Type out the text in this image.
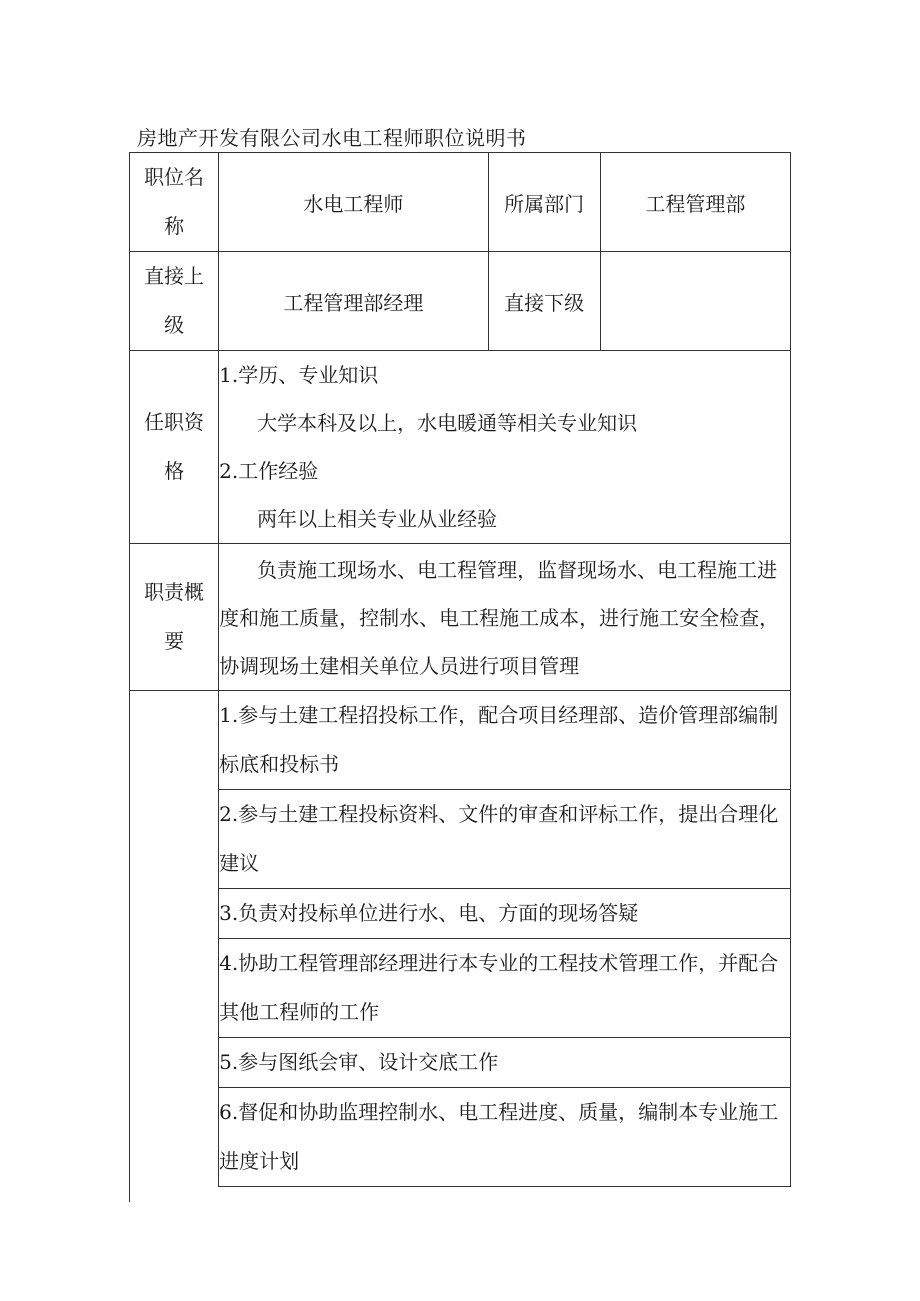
房地产开发有限公司水电工程师职位说明书
职位名称	水电工程师	所属部门	工程管理部

直接上级	工程管理部经理	直接下级	

任职资格	1.学历、专业知识
大学本科及以上，水电暖通等相关专业知识
2.工作经验
两年以上相关专业从业经验		

职责概要	负责施工现场水、电工程管理，监督现场水、电工程施工进度和施工质量，控制水、电工程施工成本，进行施工安全检查，协调现场土建相关单位人员进行项目管理		

	1.参与土建工程招投标工作，配合项目经理部、造价管理部编制标底和投标书		
	2.参与土建工程投标资料、文件的审查和评标工作，提出合理化建议		
	3.负责对投标单位进行水、电、方面的现场答疑		
	4.协助工程管理部经理进行本专业的工程技术管理工作，并配合其他工程师的工作		
	5.参与图纸会审、设计交底工作		
	6.督促和协助监理控制水、电工程进度、质量，编制本专业施工进度计划		
